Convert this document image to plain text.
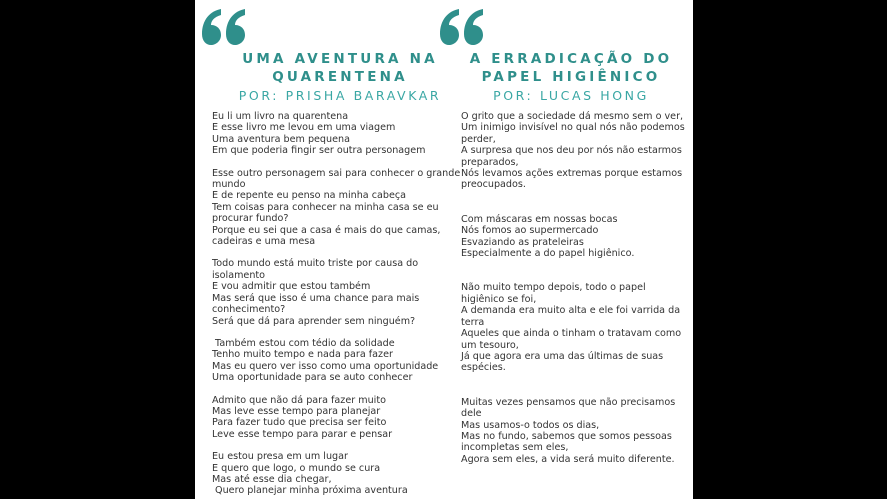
UMA AVENTURA NA
QUARENTENA
POR: PRISHA BARAVKAR
Eu li um livro na quarentena
E esse livro me levou em uma viagem
Uma aventura bem pequena
Em que poderia fingir ser outra personagem
Esse outro personagem sai para conhecer o grande
mundo
E de repente eu penso na minha cabeça
Tem coisas para conhecer na minha casa se eu
procurar fundo?
Porque eu sei que a casa é mais do que camas,
cadeiras e uma mesa
Todo mundo está muito triste por causa do
isolamento
E vou admitir que estou também
Mas será que isso é uma chance para mais
conhecimento?
Será que dá para aprender sem ninguém?
Também estou com tédio da solidade
Tenho muito tempo e nada para fazer
Mas eu quero ver isso como uma oportunidade
Uma oportunidade para se auto conhecer
Admito que não dá para fazer muito
Mas leve esse tempo para planejar
Para fazer tudo que precisa ser feito
Leve esse tempo para parar e pensar
Eu estou presa em um lugar
E quero que logo, o mundo se cura
Mas até esse dia chegar,
Quero planejar minha próxima aventura
A ERRADICAÇÃO DO
PAPEL HIGIÊNICO
POR: LUCAS HONG
O grito que a sociedade dá mesmo sem o ver,
Um inimigo invisível no qual nós não podemos
perder,
A surpresa que nos deu por nós não estarmos
preparados,
Nós levamos ações extremas porque estamos
preocupados.
Com máscaras em nossas bocas
Nós fomos ao supermercado
Esvaziando as prateleiras
Especialmente a do papel higiênico.
Não muito tempo depois, todo o papel
higiênico se foi,
A demanda era muito alta e ele foi varrida da
terra
Aqueles que ainda o tinham o tratavam como
um tesouro,
Já que agora era uma das últimas de suas
espécies.
Muitas vezes pensamos que não precisamos
dele
Mas usamos-o todos os dias,
Mas no fundo, sabemos que somos pessoas
incompletas sem eles,
Agora sem eles, a vida será muito diferente.
